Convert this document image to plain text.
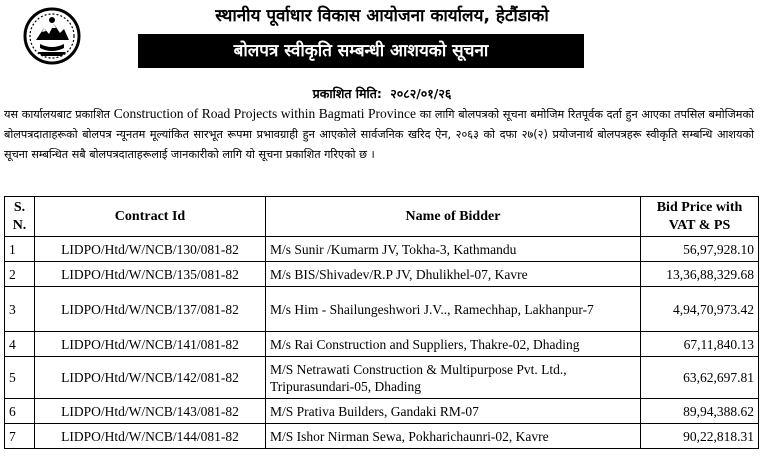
स्थानीय पूर्वाधार विकास आयोजना कार्यालय, हेटौंडाको
बोलपत्र स्वीकृति सम्बन्धी आशयको सूचना
प्रकाशित मिति: २०८२/०१/२६
यस कार्यालयबाट प्रकाशित Construction of Road Projects within Bagmati Province का लागि बोलपत्रको सूचना बमोजिम रितपूर्वक दर्ता हुन आएका तपसिल बमोजिमको बोलपत्रदाताहरूको बोलपत्र न्यूनतम मूल्यांकित सारभूत रूपमा प्रभावग्राही हुन आएकोले सार्वजनिक खरिद ऐन, २०६३ को दफा २७(२) प्रयोजनार्थ बोलपत्रहरू स्वीकृति सम्बन्धि आशयको सूचना सम्बन्धित सबै बोलपत्रदाताहरूलाई जानकारीको लागि यो सूचना प्रकाशित गरिएको छ ।
S. N.	Contract Id	Name of Bidder	Bid Price with VAT & PS
1	LIDPO/Htd/W/NCB/130/081-82	M/s Sunir /Kumarm JV, Tokha-3, Kathmandu	56,97,928.10
2	LIDPO/Htd/W/NCB/135/081-82	M/s BIS/Shivadev/R.P JV, Dhulikhel-07, Kavre	13,36,88,329.68
3	LIDPO/Htd/W/NCB/137/081-82	M/s Him - Shailungeshwori J.V.., Ramechhap, Lakhanpur-7	4,94,70,973.42
4	LIDPO/Htd/W/NCB/141/081-82	M/s Rai Construction and Suppliers, Thakre-02, Dhading	67,11,840.13
5	LIDPO/Htd/W/NCB/142/081-82	M/S Netrawati Construction & Multipurpose Pvt. Ltd., Tripurasundari-05, Dhading	63,62,697.81
6	LIDPO/Htd/W/NCB/143/081-82	M/S Prativa Builders, Gandaki RM-07	89,94,388.62
7	LIDPO/Htd/W/NCB/144/081-82	M/S Ishor Nirman Sewa, Pokharichaunri-02, Kavre	90,22,818.31
